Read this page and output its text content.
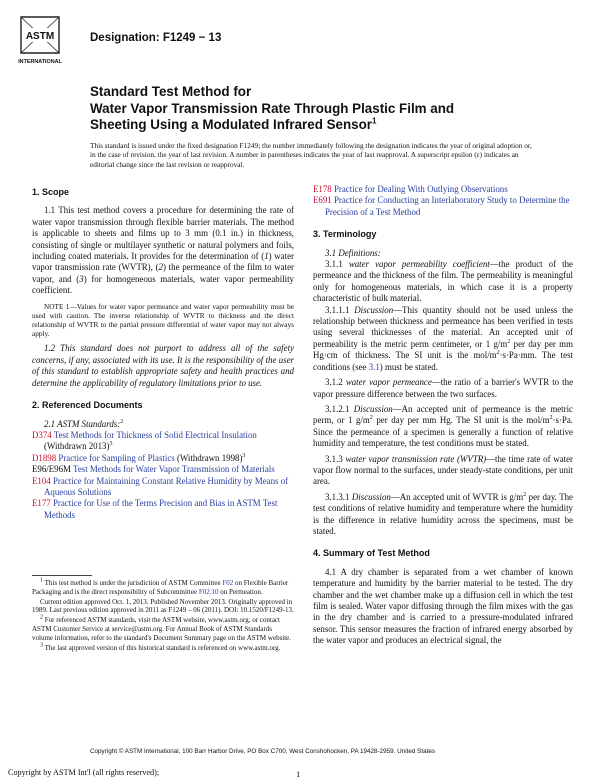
ASTM
INTERNATIONAL
Designation: F1249 − 13
Standard Test Method for
Water Vapor Transmission Rate Through Plastic Film and
Sheeting Using a Modulated Infrared Sensor$^1$
This standard is issued under the fixed designation F1249; the number immediately following the designation indicates the year of original adoption or, in the case of revision, the year of last revision. A number in parentheses indicates the year of last reapproval. A superscript epsilon (ε) indicates an editorial change since the last revision or reapproval.
1. Scope

1.1 This test method covers a procedure for determining the rate of water vapor transmission through flexible barrier materials. The method is applicable to sheets and films up to 3 mm (0.1 in.) in thickness, consisting of single or multilayer synthetic or natural polymers and foils, including coated materials. It provides for the determination of (1) water vapor transmission rate (WVTR), (2) the permeance of the film to water vapor, and (3) for homogeneous materials, water vapor permeability coefficient.

NOTE 1—Values for water vapor permeance and water vapor permeability must be used with caution. The inverse relationship of WVTR to thickness and the direct relationship of WVTR to the partial pressure differential of water vapor may not always apply.

1.2 This standard does not purport to address all of the safety concerns, if any, associated with its use. It is the responsibility of the user of this standard to establish appropriate safety and health practices and determine the applicability of regulatory limitations prior to use.

2. Referenced Documents

2.1 ASTM Standards:$^2$

D374 Test Methods for Thickness of Solid Electrical Insulation (Withdrawn 2013)$^3$

D1898 Practice for Sampling of Plastics (Withdrawn 1998)$^3$

E96/E96M Test Methods for Water Vapor Transmission of Materials

E104 Practice for Maintaining Constant Relative Humidity by Means of Aqueous Solutions

E177 Practice for Use of the Terms Precision and Bias in ASTM Test Methods

$^1$ This test method is under the jurisdiction of ASTM Committee F02 on Flexible Barrier Packaging and is the direct responsibility of Subcommittee F02.10 on Permeation.

Current edition approved Oct. 1, 2013. Published November 2013. Originally approved in 1989. Last previous edition approved in 2011 as F1249 – 06 (2011). DOI: 10.1520/F1249-13.

$^2$ For referenced ASTM standards, visit the ASTM website, www.astm.org, or contact ASTM Customer Service at service@astm.org. For Annual Book of ASTM Standards volume information, refer to the standard's Document Summary page on the ASTM website.

$^3$ The last approved version of this historical standard is referenced on www.astm.org.

E178 Practice for Dealing With Outlying Observations

E691 Practice for Conducting an Interlaboratory Study to Determine the Precision of a Test Method

3. Terminology

3.1 Definitions:

3.1.1 water vapor permeability coefficient—the product of the permeance and the thickness of the film. The permeability is meaningful only for homogeneous materials, in which case it is a property characteristic of bulk material.

3.1.1.1 Discussion—This quantity should not be used unless the relationship between thickness and permeance has been verified in tests using several thicknesses of the material. An accepted unit of permeability is the metric perm centimeter, or 1 $g/m^2$ per day per mm Hg·cm of thickness. The SI unit is the mol/$m^2\cdot s\cdot Pa\cdot mm$. The test conditions (see 3.1) must be stated.

3.1.2 water vapor permeance—the ratio of a barrier's WVTR to the vapor pressure difference between the two surfaces.

3.1.2.1 Discussion—An accepted unit of permeance is the metric perm, or 1 $g/m^2$ per day per mm Hg. The SI unit is the mol/$m^2\cdot s\cdot Pa$. Since the permeance of a specimen is generally a function of relative humidity and temperature, the test conditions must be stated.

3.1.3 water vapor transmission rate (WVTR)—the time rate of water vapor flow normal to the surfaces, under steady-state conditions, per unit area.

3.1.3.1 Discussion—An accepted unit of WVTR is $g/m^2$ per day. The test conditions of relative humidity and temperature where the humidity is the difference in relative humidity across the specimens, must be stated.

4. Summary of Test Method

4.1 A dry chamber is separated from a wet chamber of known temperature and humidity by the barrier material to be tested. The dry chamber and the wet chamber make up a diffusion cell in which the test film is sealed. Water vapor diffusing through the film mixes with the gas in the dry chamber and is carried to a pressure-modulated infrared sensor. This sensor measures the fraction of infrared energy absorbed by the water vapor and produces an electrical signal, the

Copyright © ASTM International, 100 Barr Harbor Drive, PO Box C700, West Conshohocken, PA 19428-2959. United States
Copyright by ASTM Int'l (all rights reserved);	1
